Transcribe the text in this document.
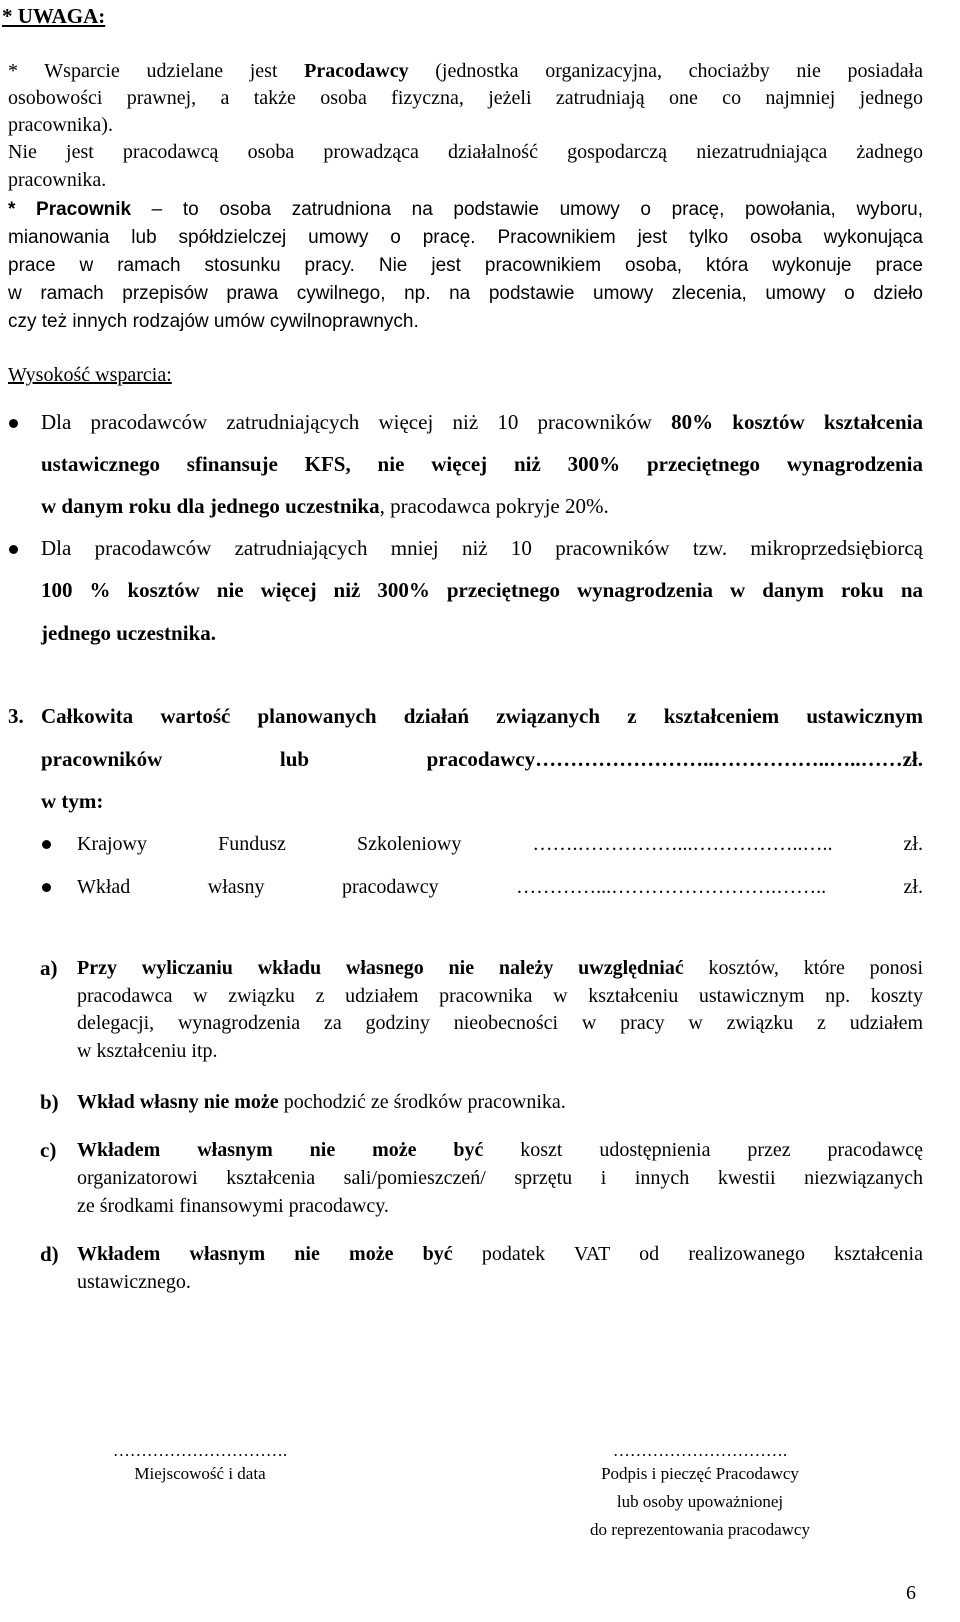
* UWAGA:
* Wsparcie udzielane jest Pracodawcy (jednostka organizacyjna, chociażby nie posiadała
osobowości prawnej, a także osoba fizyczna, jeżeli zatrudniają one co najmniej jednego
pracownika).
Nie jest pracodawcą osoba prowadząca działalność gospodarczą niezatrudniająca żadnego
pracownika.
* Pracownik – to osoba zatrudniona na podstawie umowy o pracę, powołania, wyboru,
mianowania lub spółdzielczej umowy o pracę. Pracownikiem jest tylko osoba wykonująca
prace w ramach stosunku pracy. Nie jest pracownikiem osoba, która wykonuje prace
w ramach przepisów prawa cywilnego, np. na podstawie umowy zlecenia, umowy o dzieło
czy też innych rodzajów umów cywilnoprawnych.
Wysokość wsparcia:
Dla pracodawców zatrudniających więcej niż 10 pracowników 80% kosztów kształcenia
ustawicznego sfinansuje KFS, nie więcej niż 300% przeciętnego wynagrodzenia
w danym roku dla jednego uczestnika, pracodawca pokryje 20%.
Dla pracodawców zatrudniających mniej niż 10 pracowników tzw. mikroprzedsiębiorcą
100 % kosztów nie więcej niż 300% przeciętnego wynagrodzenia w danym roku na
jednego uczestnika.
3. Całkowita wartość planowanych działań związanych z kształceniem ustawicznym
pracowników lub pracodawcy……………………..……………..…..……zł.
w tym:
Krajowy Fundusz Szkoleniowy …….……………...……………..….. zł.
Wkład własny pracodawcy …………...…………………….…….. zł.
a) Przy wyliczaniu wkładu własnego nie należy uwzględniać kosztów, które ponosi
pracodawca w związku z udziałem pracownika w kształceniu ustawicznym np. koszty
delegacji, wynagrodzenia za godziny nieobecności w pracy w związku z udziałem
w kształceniu itp.
b) Wkład własny nie może pochodzić ze środków pracownika.
c) Wkładem własnym nie może być koszt udostępnienia przez pracodawcę
organizatorowi kształcenia sali/pomieszczeń/ sprzętu i innych kwestii niezwiązanych
ze środkami finansowymi pracodawcy.
d) Wkładem własnym nie może być podatek VAT od realizowanego kształcenia
ustawicznego.
………………………….
Miejscowość i data
………………………….
Podpis i pieczęć Pracodawcy
lub osoby upoważnionej
do reprezentowania pracodawcy
6
